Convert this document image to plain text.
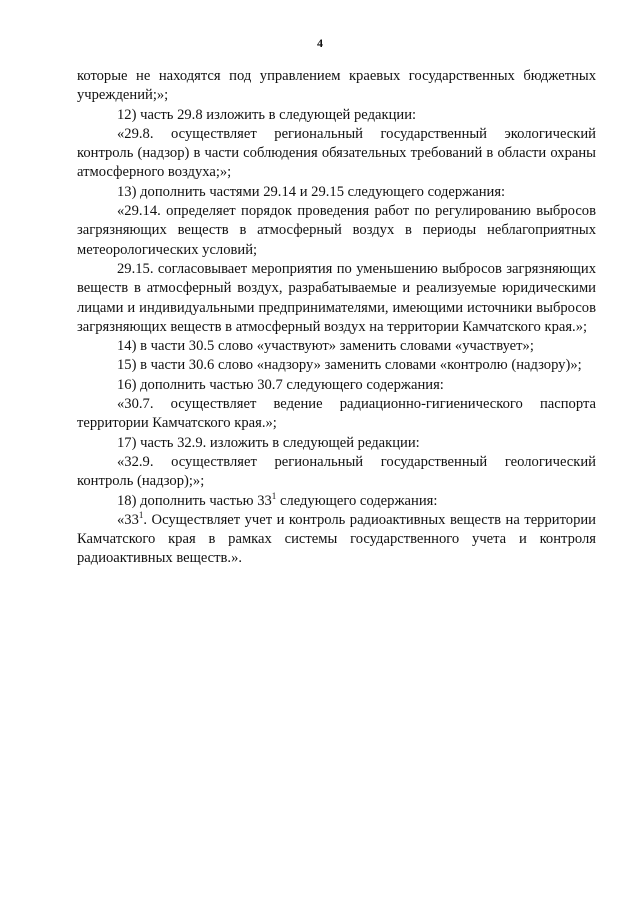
4

которые не находятся под управлением краевых государственных бюджетных учреждений;»;

12) часть 29.8 изложить в следующей редакции:

«29.8. осуществляет региональный государственный экологический контроль (надзор) в части соблюдения обязательных требований в области охраны атмосферного воздуха;»;

13) дополнить частями 29.14 и 29.15 следующего содержания:

«29.14. определяет порядок проведения работ по регулированию выбросов загрязняющих веществ в атмосферный воздух в периоды неблагоприятных метеорологических условий;

29.15. согласовывает мероприятия по уменьшению выбросов загрязняющих веществ в атмосферный воздух, разрабатываемые и реализуемые юридическими лицами и индивидуальными предпринимателями, имеющими источники выбросов загрязняющих веществ в атмосферный воздух на территории Камчатского края.»;

14) в части 30.5 слово «участвуют» заменить словами «участвует»;

15) в части 30.6 слово «надзору» заменить словами «контролю (надзору)»;

16) дополнить частью 30.7 следующего содержания:

«30.7. осуществляет ведение радиационно-гигиенического паспорта территории Камчатского края.»;

17) часть 32.9. изложить в следующей редакции:

«32.9. осуществляет региональный государственный геологический контроль (надзор);»;

18) дополнить частью $33^1$ следующего содержания:

«$33^1$. Осуществляет учет и контроль радиоактивных веществ на территории Камчатского края в рамках системы государственного учета и контроля радиоактивных веществ.».
